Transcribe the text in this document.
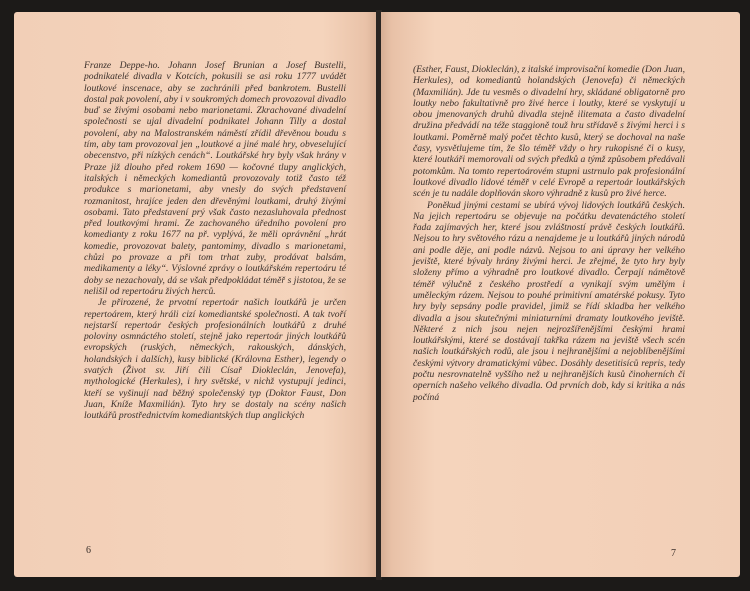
Franze Deppe-ho. Johann Josef Brunian a Josef Bustelli, podnikatelé divadla v Kotcích, pokusili se asi roku 1777 uvádět loutkové inscenace, aby se zachránili před bankrotem. Bustelli dostal pak povolení, aby i v soukromých domech provozoval divadlo buď se živými osobami nebo marionetami. Zkrachované divadelní společnosti se ujal divadelní podnikatel Johann Tilly a dostal povolení, aby na Malostranském náměstí zřídil dřevěnou boudu s tím, aby tam provozoval jen „loutkové a jiné malé hry, obveselující obecenstvo, při nízkých cenách“. Loutkářské hry byly však hrány v Praze již dlouho před rokem 1690 — kočovné tlupy anglických, italských i německých komediantů provozovaly totiž často též produkce s marionetami, aby vnesly do svých představení rozmanitost, hrajíce jeden den dřevěnými loutkami, druhý živými osobami. Tato představení prý však často nezasluhovala přednost před loutkovými hrami. Ze zachovaného úředního povolení pro komedianty z roku 1677 na př. vyplývá, že měli oprávnění „hrát komedie, provozovat balety, pantomimy, divadlo s marionetami, chůzi po provaze a při tom trhat zuby, prodávat balsám, medikamenty a léky“. Výslovné zprávy o loutkářském repertoáru té doby se nezachovaly, dá se však předpokládat téměř s jistotou, že se nelišil od repertoáru živých herců.

Je přirozené, že prvotní repertoár našich loutkářů je určen repertoárem, který hráli cizí komediantské společnosti. A tak tvoří nejstarší repertoár českých profesionálních loutkářů z druhé poloviny osmnáctého století, stejně jako repertoár jiných loutkářů evropských (ruských, německých, rakouských, dánských, holandských i dalších), kusy biblické (Královna Esther), legendy o svatých (Život sv. Jiří čili Císař Diokleclán, Jenovefa), mythologické (Herkules), i hry světské, v nichž vystupují jedinci, kteří se vyšinují nad běžný společenský typ (Doktor Faust, Don Juan, Kníže Maxmilián). Tyto hry se dostaly na scény našich loutkářů prostřednictvím komediantských tlup anglických

6

(Esther, Faust, Diokleclán), z italské improvisační komedie (Don Juan, Herkules), od komediantů holandských (Jenovefa) či německých (Maxmilián). Jde tu vesměs o divadelní hry, skládané obligatorně pro loutky nebo fakultativně pro živé herce i loutky, které se vyskytují u obou jmenovaných druhů divadla stejně ilitemata a často divadelní družina předvádí na téže staggioně touž hru střídavě s živými herci i s loutkami. Poměrně malý počet těchto kusů, který se dochoval na naše časy, vysvětlujeme tím, že šlo téměř vždy o hry rukopisné či o kusy, které loutkáři memorovali od svých předků a týmž způsobem předávali potomkům. Na tomto repertoárovém stupni ustrnulo pak profesionální loutkové divadlo lidové téměř v celé Evropě a repertoár loutkářských scén je tu nadále doplňován skoro výhradně z kusů pro živé herce.

Poněkud jinými cestami se ubírá vývoj lidových loutkářů českých. Na jejich repertoáru se objevuje na počátku devatenáctého století řada zajímavých her, které jsou zvláštností právě českých loutkářů. Nejsou to hry světového rázu a nenajdeme je u loutkářů jiných národů ani podle děje, ani podle názvů. Nejsou to ani úpravy her velkého jeviště, které bývaly hrány živými herci. Je zřejmé, že tyto hry byly složeny přímo a výhradně pro loutkové divadlo. Čerpají námětově téměř výlučně z českého prostředí a vynikají svým umělým i uměleckým rázem. Nejsou to pouhé primitivní amatérské pokusy. Tyto hry byly sepsány podle pravidel, jimiž se řídí skladba her velkého divadla a jsou skutečnými miniaturními dramaty loutkového jeviště. Některé z nich jsou nejen nejrozšířenějšími českými hrami loutkářskými, které se dostávají takřka rázem na jeviště všech scén našich loutkářských rodů, ale jsou i nejhranějšími a nejoblíbenějšími českými výtvory dramatickými vůbec. Dosáhly desetitisíců repris, tedy počtu nesrovnatelně vyššího než u nejhranějších kusů činoherních či operních našeho velkého divadla. Od prvních dob, kdy si kritika a nás počíná

7
